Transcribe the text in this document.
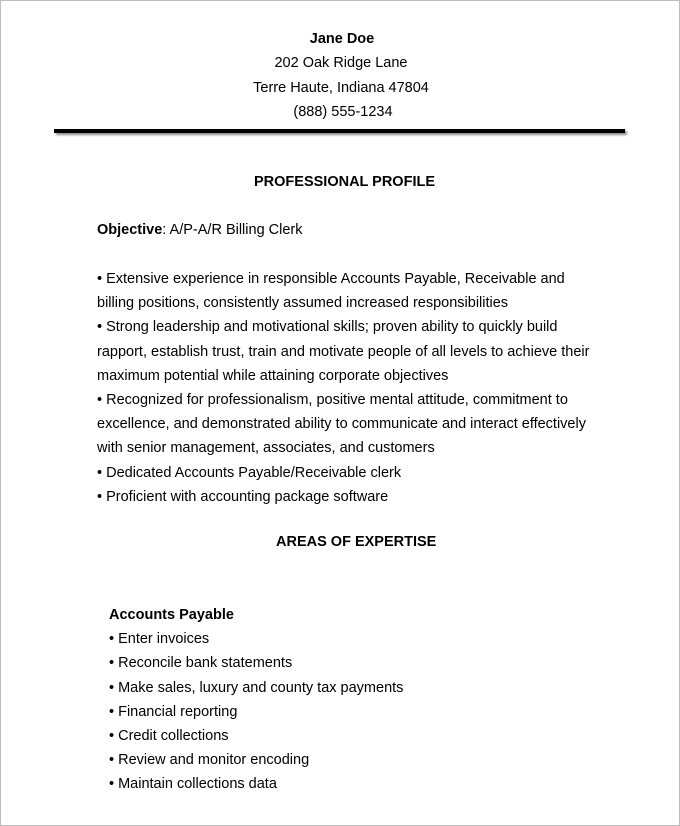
Jane Doe
202 Oak Ridge Lane
Terre Haute, Indiana 47804
(888) 555-1234
PROFESSIONAL PROFILE
Objective: A/P-A/R Billing Clerk
• Extensive experience in responsible Accounts Payable, Receivable and
billing positions, consistently assumed increased responsibilities
• Strong leadership and motivational skills; proven ability to quickly build
rapport, establish trust, train and motivate people of all levels to achieve their
maximum potential while attaining corporate objectives
• Recognized for professionalism, positive mental attitude, commitment to
excellence, and demonstrated ability to communicate and interact effectively
with senior management, associates, and customers
• Dedicated Accounts Payable/Receivable clerk
• Proficient with accounting package software
AREAS OF EXPERTISE
Accounts Payable
• Enter invoices
• Reconcile bank statements
• Make sales, luxury and county tax payments
• Financial reporting
• Credit collections
• Review and monitor encoding
• Maintain collections data
